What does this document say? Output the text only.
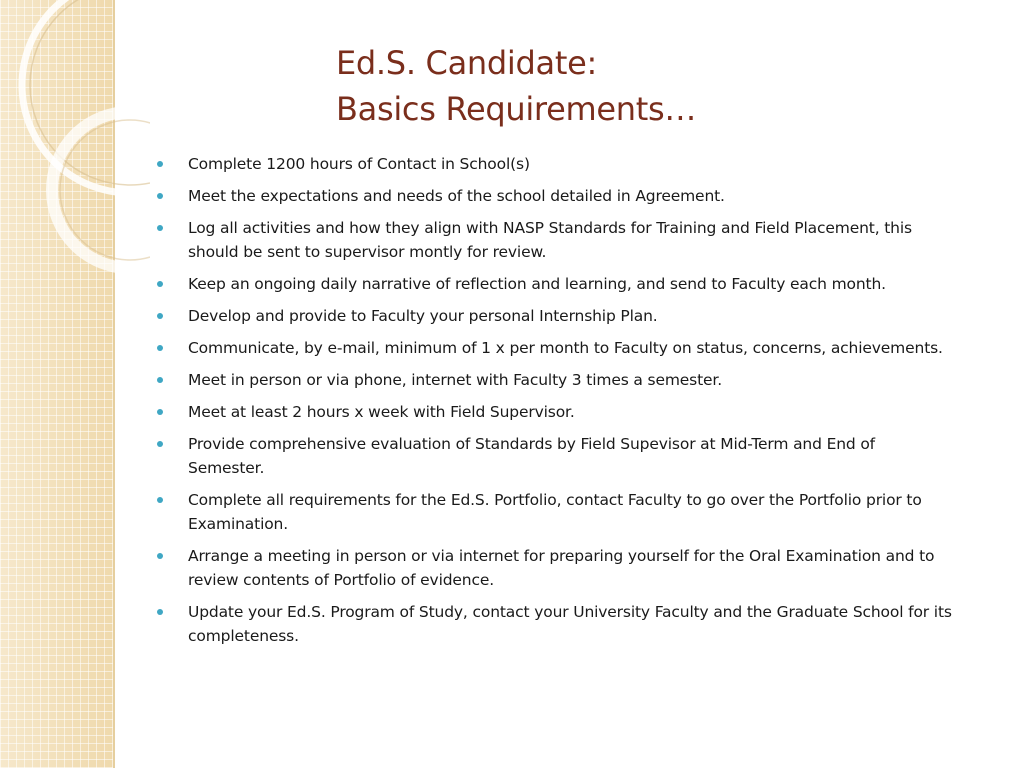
Ed.S. Candidate:
Basics Requirements…
Complete 1200 hours of Contact in School(s)
Meet the expectations and needs of the school detailed in Agreement.
Log all activities and how they align with NASP Standards for Training and Field Placement, this should be sent to supervisor montly for review.
Keep an ongoing daily narrative of reflection and learning, and send to Faculty each month.
Develop and provide to Faculty your personal Internship Plan.
Communicate, by e-mail, minimum of 1 x per month to Faculty on status, concerns, achievements.
Meet in person or via phone, internet with Faculty 3 times a semester.
Meet at least 2 hours x week with Field Supervisor.
Provide comprehensive evaluation of Standards by Field Supevisor at Mid-Term and End of Semester.
Complete all requirements for the Ed.S. Portfolio, contact Faculty to go over the Portfolio prior to Examination.
Arrange a meeting in person or via internet for preparing yourself for the Oral Examination and to review contents of Portfolio of evidence.
Update your Ed.S. Program of Study, contact your University Faculty and the Graduate School for its completeness.
